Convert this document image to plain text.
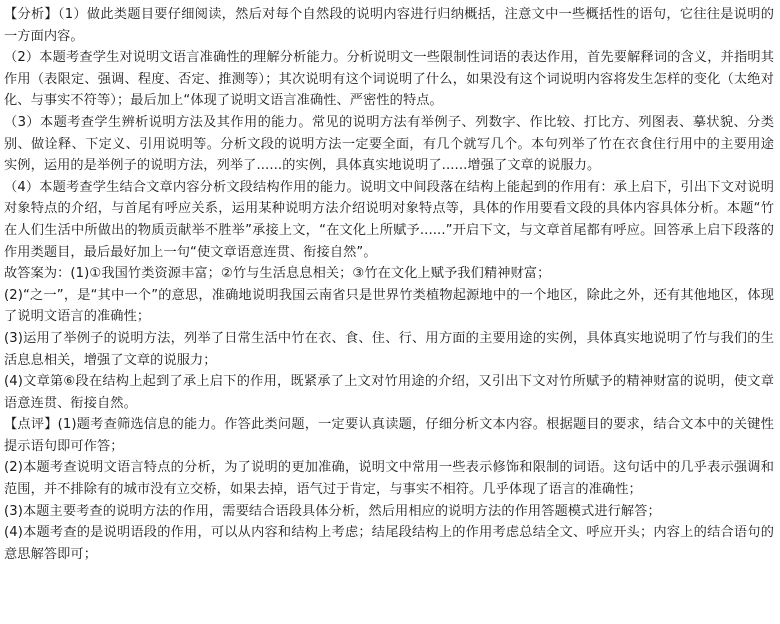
【分析】（1）做此类题目要仔细阅读，然后对每个自然段的说明内容进行归纳概括，注意文中一些概括性的语句，它往往是说明的一方面内容。

（2）本题考查学生对说明文语言准确性的理解分析能力。分析说明文一些限制性词语的表达作用，首先要解释词的含义，并指明其作用（表限定、强调、程度、否定、推测等）；其次说明有这个词说明了什么，如果没有这个词说明内容将发生怎样的变化（太绝对化、与事实不符等）；最后加上“体现了说明文语言准确性、严密性的特点。

（3）本题考查学生辨析说明方法及其作用的能力。常见的说明方法有举例子、列数字、作比较、打比方、列图表、摹状貌、分类别、做诠释、下定义、引用说明等。分析文段的说明方法一定要全面，有几个就写几个。本句列举了竹在衣食住行用中的主要用途实例，运用的是举例子的说明方法，列举了......的实例，具体真实地说明了......增强了文章的说服力。

（4）本题考查学生结合文章内容分析文段结构作用的能力。说明文中间段落在结构上能起到的作用有：承上启下，引出下文对说明对象特点的介绍，与首尾有呼应关系，运用某种说明方法介绍说明对象特点等，具体的作用要看文段的具体内容具体分析。本题“竹在人们生活中所做出的物质贡献举不胜举”承接上文，“在文化上所赋予......”开启下文，与文章首尾都有呼应。回答承上启下段落的作用类题目，最后最好加上一句“使文章语意连贯、衔接自然”。

故答案为：(1)①我国竹类资源丰富；②竹与生活息息相关；③竹在文化上赋予我们精神财富；

(2)“之一”，是“其中一个”的意思，准确地说明我国云南省只是世界竹类植物起源地中的一个地区，除此之外，还有其他地区，体现了说明文语言的准确性；

(3)运用了举例子的说明方法，列举了日常生活中竹在衣、食、住、行、用方面的主要用途的实例，具体真实地说明了竹与我们的生活息息相关，增强了文章的说服力；

(4)文章第⑥段在结构上起到了承上启下的作用，既紧承了上文对竹用途的介绍，又引出下文对竹所赋予的精神财富的说明，使文章语意连贯、衔接自然。

【点评】(1)题考查筛选信息的能力。作答此类问题，一定要认真读题，仔细分析文本内容。根据题目的要求，结合文本中的关键性提示语句即可作答；

(2)本题考查说明文语言特点的分析，为了说明的更加准确，说明文中常用一些表示修饰和限制的词语。这句话中的几乎表示强调和范围，并不排除有的城市没有立交桥，如果去掉，语气过于肯定，与事实不相符。几乎体现了语言的准确性；

(3)本题主要考查的说明方法的作用，需要结合语段具体分析，然后用相应的说明方法的作用答题模式进行解答；

(4)本题考查的是说明语段的作用，可以从内容和结构上考虑；结尾段结构上的作用考虑总结全文、呼应开头；内容上的结合语句的意思解答即可；
